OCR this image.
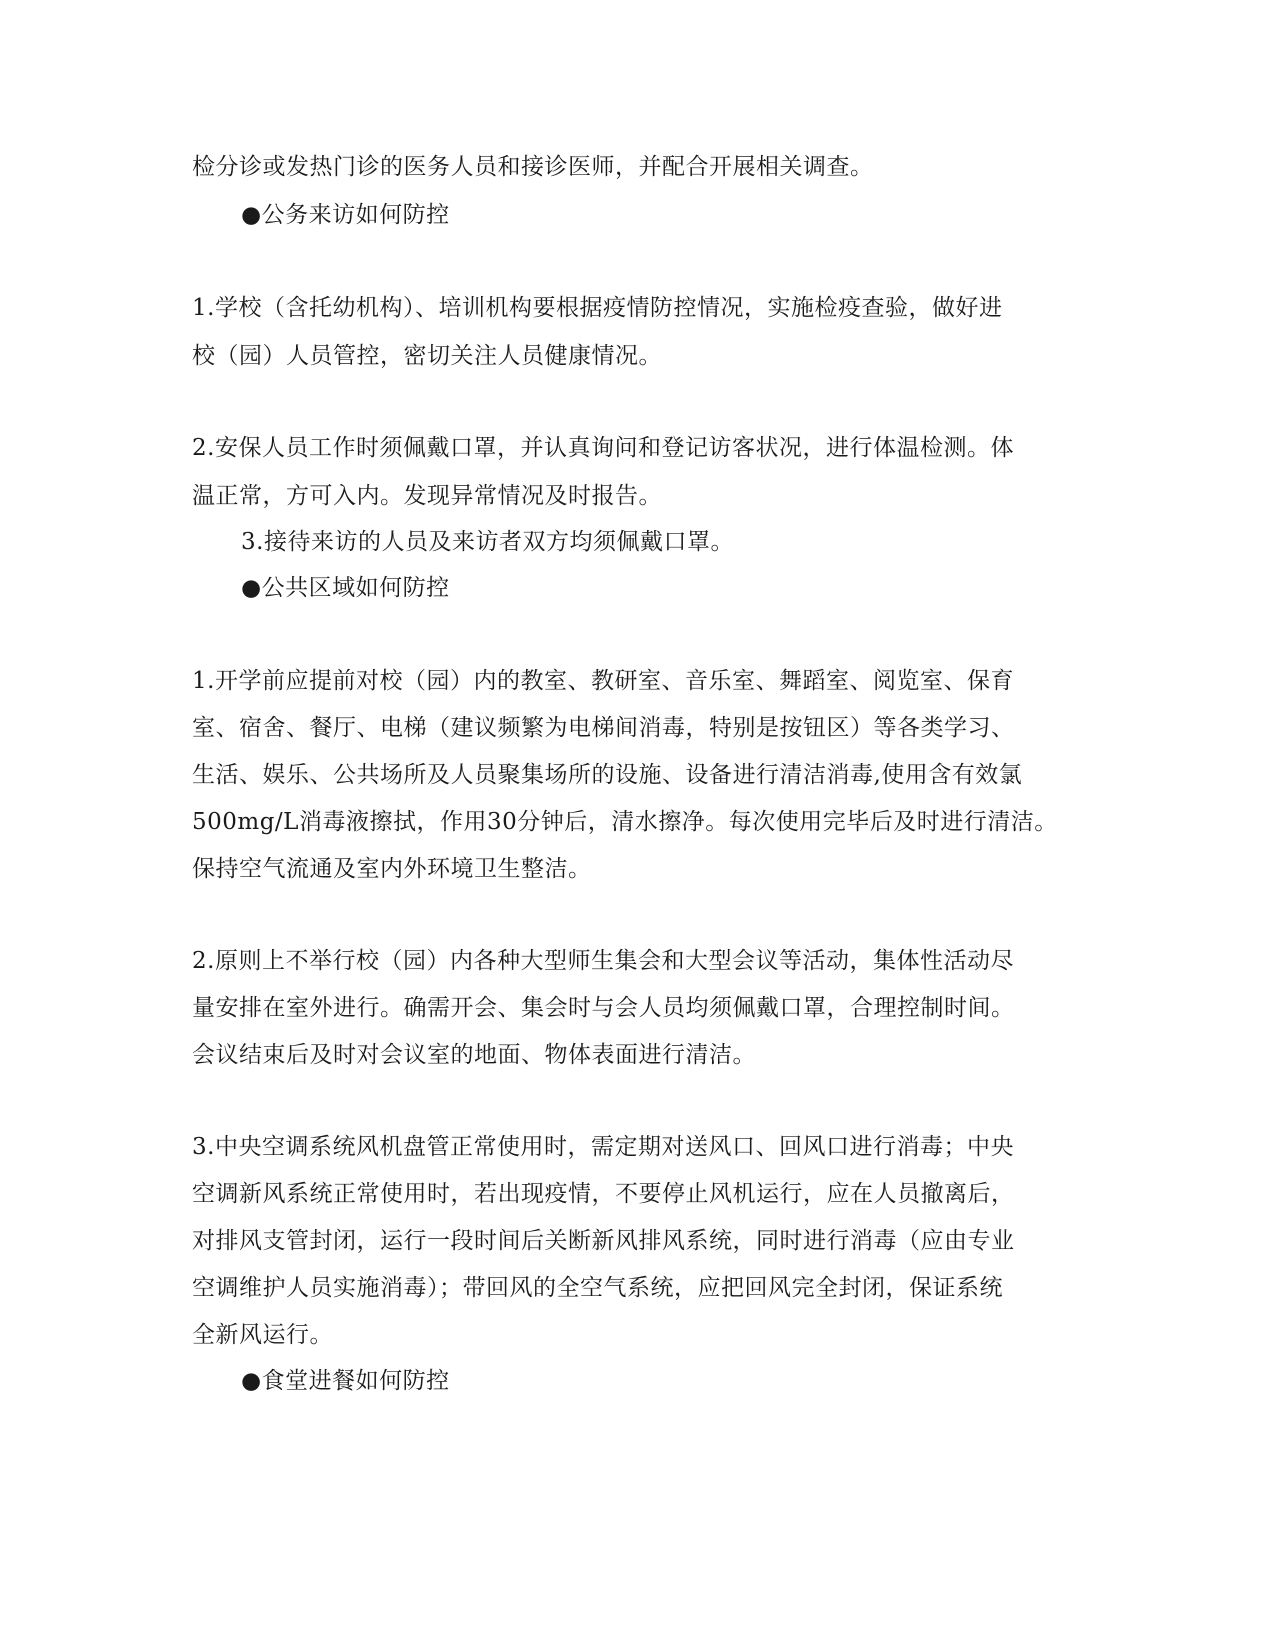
检分诊或发热门诊的医务人员和接诊医师，并配合开展相关调查。
●公务来访如何防控
1.学校（含托幼机构）、培训机构要根据疫情防控情况，实施检疫查验，做好进
校（园）人员管控，密切关注人员健康情况。
2.安保人员工作时须佩戴口罩，并认真询问和登记访客状况，进行体温检测。体
温正常，方可入内。发现异常情况及时报告。
3.接待来访的人员及来访者双方均须佩戴口罩。
●公共区域如何防控
1.开学前应提前对校（园）内的教室、教研室、音乐室、舞蹈室、阅览室、保育
室、宿舍、餐厅、电梯（建议频繁为电梯间消毒，特别是按钮区）等各类学习、
生活、娱乐、公共场所及人员聚集场所的设施、设备进行清洁消毒,使用含有效氯
500mg/L消毒液擦拭，作用30分钟后，清水擦净。每次使用完毕后及时进行清洁。
保持空气流通及室内外环境卫生整洁。
2.原则上不举行校（园）内各种大型师生集会和大型会议等活动，集体性活动尽
量安排在室外进行。确需开会、集会时与会人员均须佩戴口罩，合理控制时间。
会议结束后及时对会议室的地面、物体表面进行清洁。
3.中央空调系统风机盘管正常使用时，需定期对送风口、回风口进行消毒；中央
空调新风系统正常使用时，若出现疫情，不要停止风机运行，应在人员撤离后，
对排风支管封闭，运行一段时间后关断新风排风系统，同时进行消毒（应由专业
空调维护人员实施消毒）；带回风的全空气系统，应把回风完全封闭，保证系统
全新风运行。
●食堂进餐如何防控
